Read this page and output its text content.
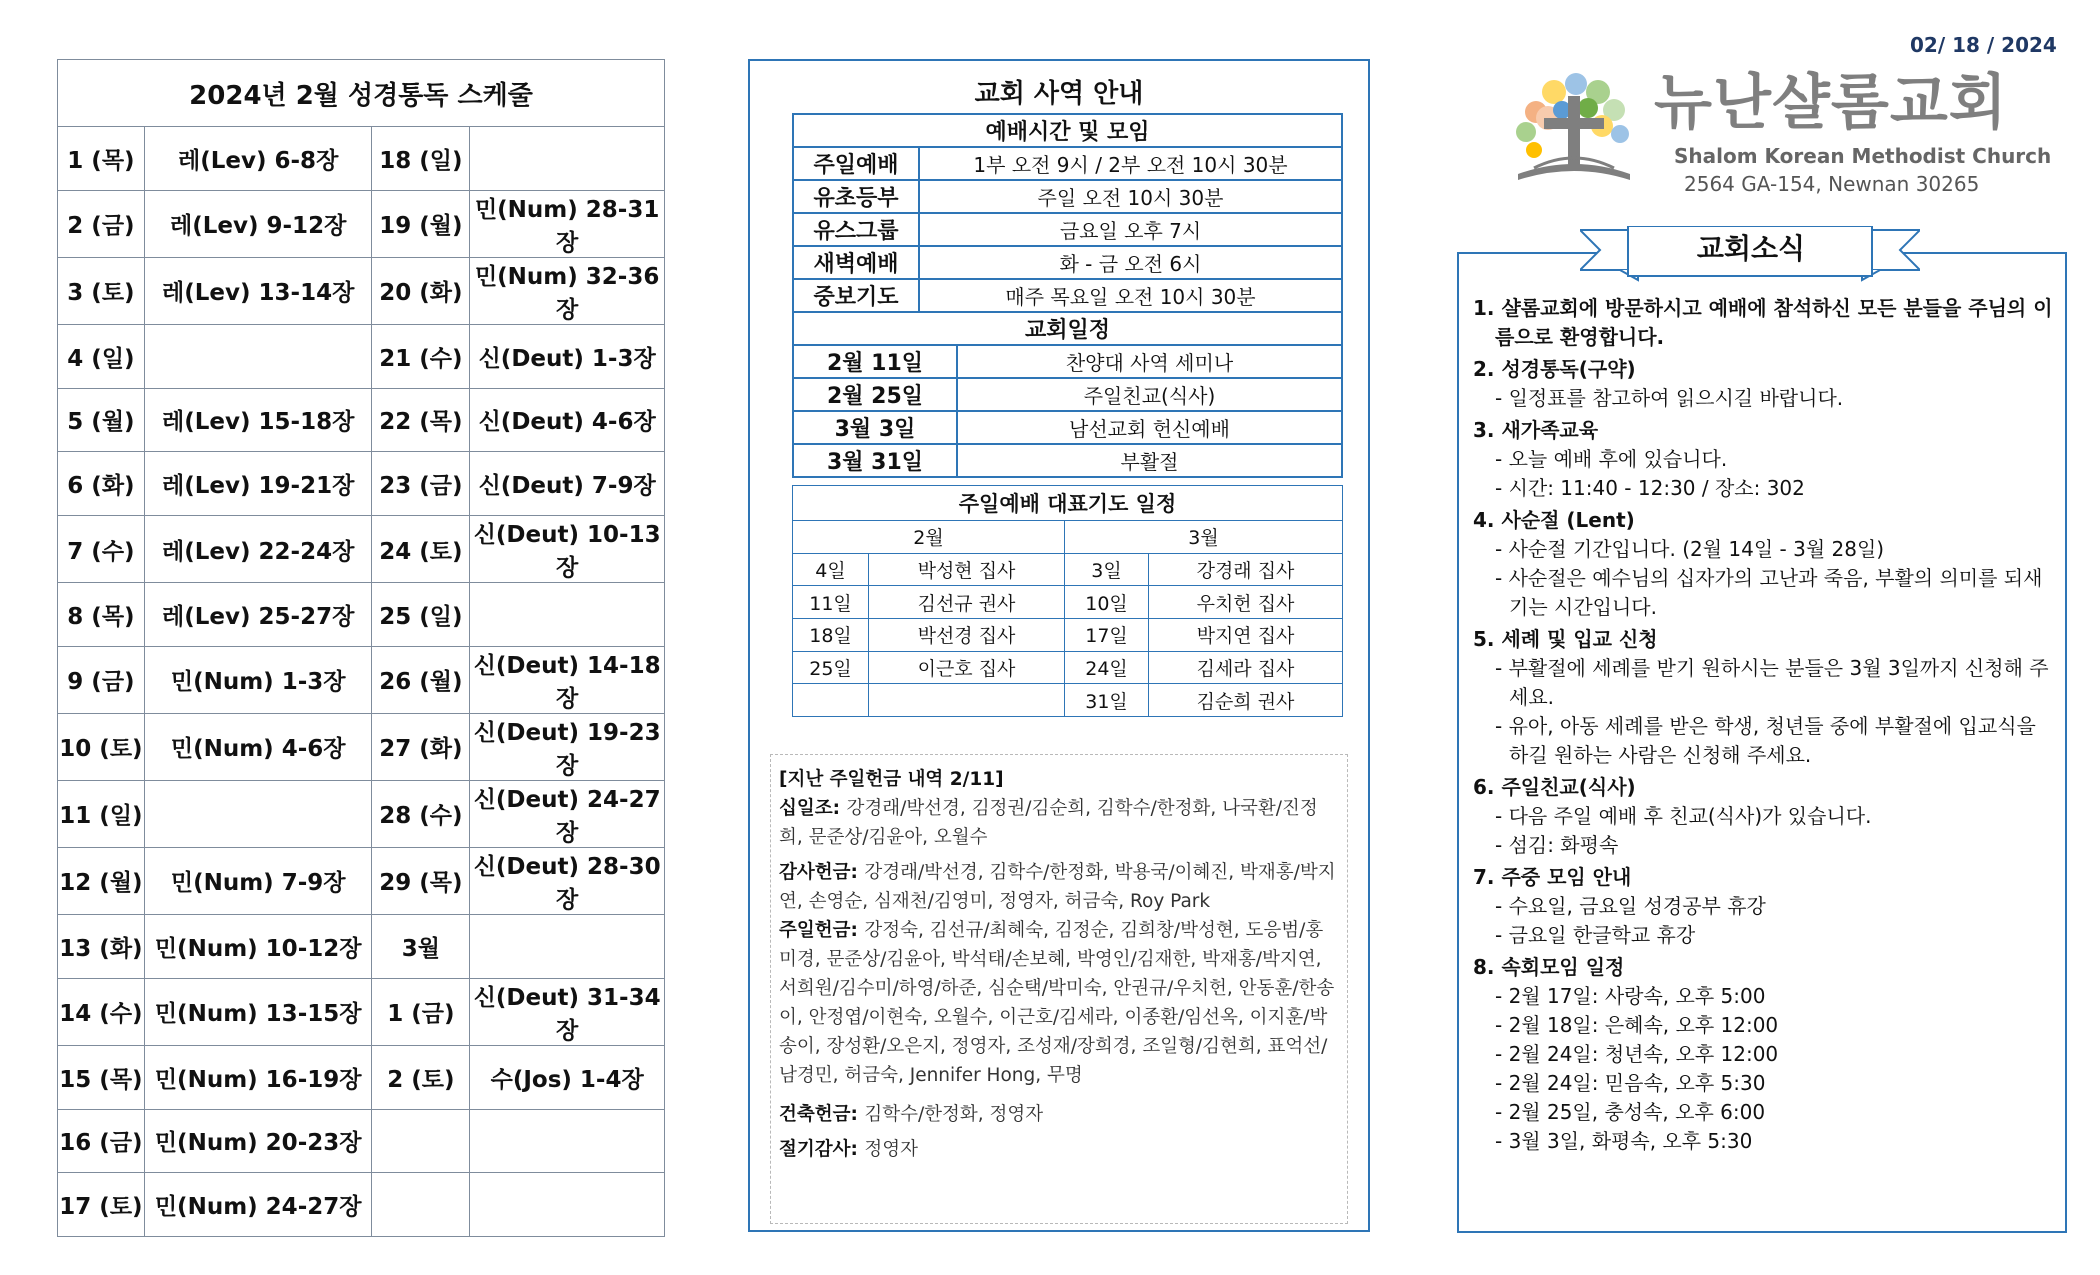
2024년 2월 성경통독 스케줄			
1 (목)	레(Lev) 6-8장	18 (일)	
2 (금)	레(Lev) 9-12장	19 (월)	민(Num) 28-31장
3 (토)	레(Lev) 13-14장	20 (화)	민(Num) 32-36장
4 (일)		21 (수)	신(Deut) 1-3장
5 (월)	레(Lev) 15-18장	22 (목)	신(Deut) 4-6장
6 (화)	레(Lev) 19-21장	23 (금)	신(Deut) 7-9장
7 (수)	레(Lev) 22-24장	24 (토)	신(Deut) 10-13장
8 (목)	레(Lev) 25-27장	25 (일)	
9 (금)	민(Num) 1-3장	26 (월)	신(Deut) 14-18장
10 (토)	민(Num) 4-6장	27 (화)	신(Deut) 19-23장
11 (일)		28 (수)	신(Deut) 24-27장
12 (월)	민(Num) 7-9장	29 (목)	신(Deut) 28-30장
13 (화)	민(Num) 10-12장	3월	
14 (수)	민(Num) 13-15장	1 (금)	신(Deut) 31-34장
15 (목)	민(Num) 16-19장	2 (토)	수(Jos) 1-4장
16 (금)	민(Num) 20-23장		
17 (토)	민(Num) 24-27장		
교회 사역 안내
예배시간 및 모임	
주일예배	1부 오전 9시 / 2부 오전 10시 30분
유초등부	주일 오전 10시 30분
유스그룹	금요일 오후 7시
새벽예배	화 - 금 오전 6시
중보기도	매주 목요일 오전 10시 30분
교회일정	
2월 11일	찬양대 사역 세미나
2월 25일	주일친교(식사)
3월 3일	남선교회 헌신예배
3월 31일	부활절
주일예배 대표기도 일정			
2월		3월	
4일	박성현 집사	3일	강경래 집사
11일	김선규 권사	10일	우치헌 집사
18일	박선경 집사	17일	박지연 집사
25일	이근호 집사	24일	김세라 집사
		31일	김순희 권사

[지난 주일헌금 내역 2/11]

십일조: 강경래/박선경, 김정권/김순희, 김학수/한정화, 나국환/진정희, 문준상/김윤아, 오월수

감사헌금: 강경래/박선경, 김학수/한정화, 박용국/이혜진, 박재홍/박지연, 손영순, 심재천/김영미, 정영자, 허금숙, Roy Park

주일헌금: 강정숙, 김선규/최혜숙, 김정순, 김희창/박성현, 도응범/홍미경, 문준상/김윤아, 박석태/손보혜, 박영인/김재한, 박재홍/박지연, 서희원/김수미/하영/하준, 심순택/박미숙, 안권규/우치헌, 안동훈/한송이, 안정엽/이현숙, 오월수, 이근호/김세라, 이종환/임선옥, 이지훈/박송이, 장성환/오은지, 정영자, 조성재/장희경, 조일형/김현희, 표억선/남경민, 허금숙, Jennifer Hong, 무명

건축헌금: 김학수/한정화, 정영자

절기감사: 정영자

02/ 18 / 2024
뉴난샬롬교회
Shalom Korean Methodist Church
2564 GA-154, Newnan 30265
1. 샬롬교회에 방문하시고 예배에 참석하신 모든 분들을 주님의 이름으로 환영합니다.
2. 성경통독(구약)
- 일정표를 참고하여 읽으시길 바랍니다.
3. 새가족교육
- 오늘 예배 후에 있습니다.
- 시간: 11:40 - 12:30 / 장소: 302
4. 사순절 (Lent)
- 사순절 기간입니다. (2월 14일 - 3월 28일)
- 사순절은 예수님의 십자가의 고난과 죽음, 부활의 의미를 되새기는 시간입니다.
5. 세례 및 입교 신청
- 부활절에 세례를 받기 원하시는 분들은 3월 3일까지 신청해 주세요.
- 유아, 아동 세례를 받은 학생, 청년들 중에 부활절에 입교식을 하길 원하는 사람은 신청해 주세요.
6. 주일친교(식사)
- 다음 주일 예배 후 친교(식사)가 있습니다.
- 섬김: 화평속
7. 주중 모임 안내
- 수요일, 금요일 성경공부 휴강
- 금요일 한글학교 휴강
8. 속회모임 일정
- 2월 17일: 사랑속, 오후 5:00
- 2월 18일: 은혜속, 오후 12:00
- 2월 24일: 청년속, 오후 12:00
- 2월 24일: 믿음속, 오후 5:30
- 2월 25일, 충성속, 오후 6:00
- 3월 3일, 화평속, 오후 5:30
교회소식
